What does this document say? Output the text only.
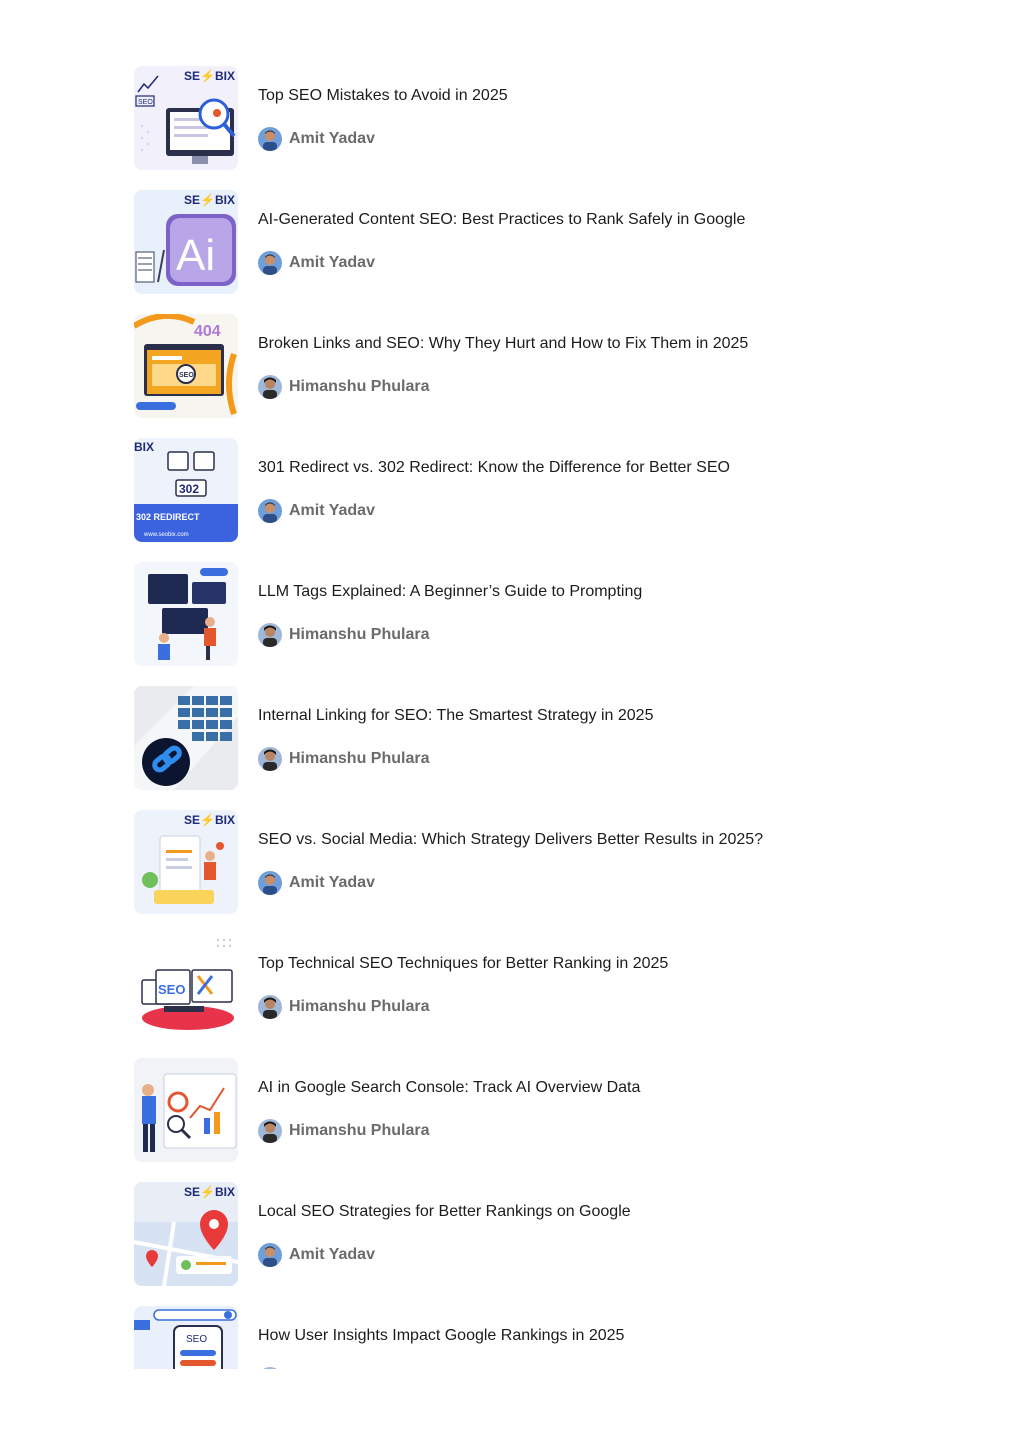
SE⚡BIX
SEO	Top SEO Mistakes to Avoid in 2025
Amit Yadav
SE⚡BIX
Ai
AI-Generated Content SEO: Best Practices to Rank Safely in Google
Amit Yadav
404
SEO
Broken Links and SEO: Why They Hurt and How to Fix Them in 2025
Himanshu Phulara
BIX
302
302 REDIRECT
www.seobix.com
301 Redirect vs. 302 Redirect: Know the Difference for Better SEO
Amit Yadav
LLM Tags Explained: A Beginner’s Guide to Prompting
Himanshu Phulara
Internal Linking for SEO: The Smartest Strategy in 2025
Himanshu Phulara
SE⚡BIX
SEO vs. Social Media: Which Strategy Delivers Better Results in 2025?
Amit Yadav
SEO
Top Technical SEO Techniques for Better Ranking in 2025
Himanshu Phulara
AI in Google Search Console: Track AI Overview Data
Himanshu Phulara
SE⚡BIX
Local SEO Strategies for Better Rankings on Google
Amit Yadav
SEO	How User Insights Impact Google Rankings in 2025
